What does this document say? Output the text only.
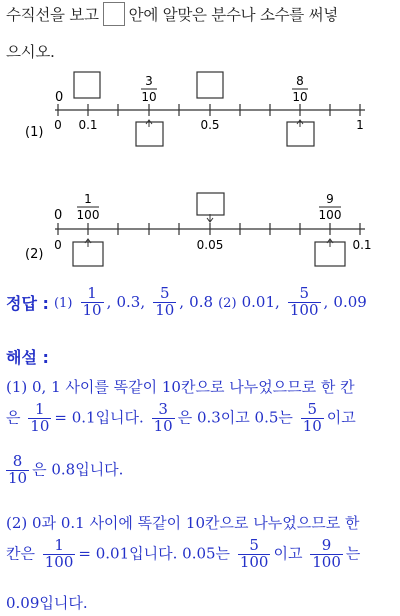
수직선을 보고 안에 알맞은 분수나 소수를 써넣
으시오.
0
3
10
8
10
(1) 0 0.1	0.5	1
0
1
100
9
100
(2)
0	0.05	0.1
정답 : $(1) \frac{1}{10}$ , 0.3, $\frac{5}{10}$ , 0.8 (2) 0.01, $\frac{5}{100}$ , 0.09
해설 :
(1) 0, 1 사이를 똑같이 10칸으로 나누었으므로 한 칸
은 $\frac{1}{10} = 0.1$입니다. $\frac{3}{10}$ 은 0.3이고 0.5는 $\frac{5}{10}$ 이고
$\frac{8}{10}$ 은 0.8입니다.
(2) 0과 0.1 사이에 똑같이 10칸으로 나누었으므로 한
칸은 $\frac{1}{100} = 0.01$입니다. 0.05는 $\frac{5}{100}$ 이고 $\frac{9}{100}$ 는
0.09입니다.
